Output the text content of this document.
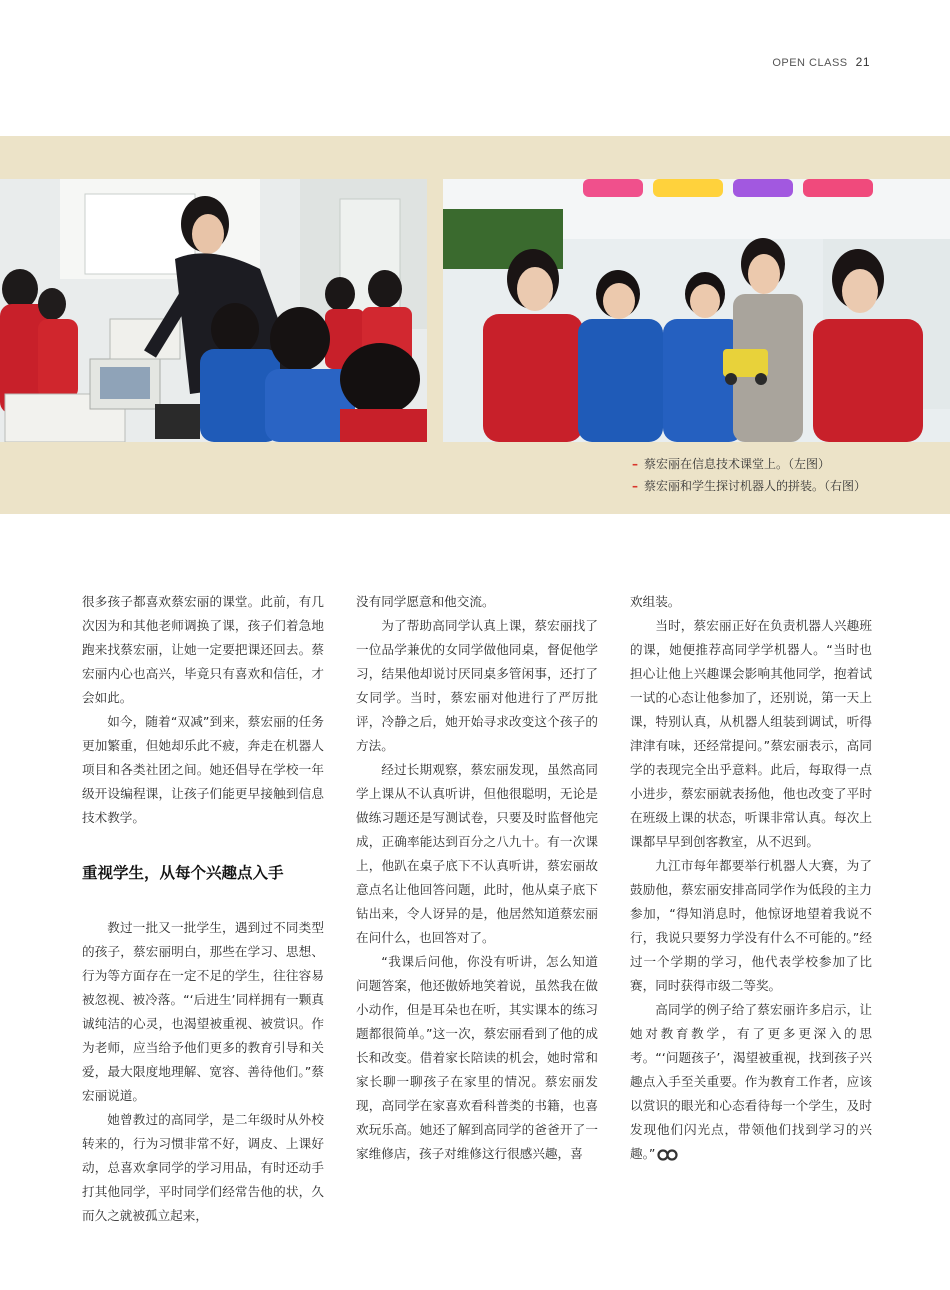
OPEN CLASS 21
– 蔡宏丽在信息技术课堂上。（左图）
– 蔡宏丽和学生探讨机器人的拼装。（右图）

很多孩子都喜欢蔡宏丽的课堂。此前，有几次因为和其他老师调换了课，孩子们着急地跑来找蔡宏丽，让她一定要把课还回去。蔡宏丽内心也高兴，毕竟只有喜欢和信任，才会如此。

如今，随着“双减”到来，蔡宏丽的任务更加繁重，但她却乐此不疲，奔走在机器人项目和各类社团之间。她还倡导在学校一年级开设编程课，让孩子们能更早接触到信息技术教学。

重视学生，从每个兴趣点入手

教过一批又一批学生，遇到过不同类型的孩子，蔡宏丽明白，那些在学习、思想、行为等方面存在一定不足的学生，往往容易被忽视、被冷落。“‘后进生’同样拥有一颗真诚纯洁的心灵，也渴望被重视、被赏识。作为老师，应当给予他们更多的教育引导和关爱，最大限度地理解、宽容、善待他们。”蔡宏丽说道。

她曾教过的高同学，是二年级时从外校转来的，行为习惯非常不好，调皮、上课好动，总喜欢拿同学的学习用品，有时还动手打其他同学，平时同学们经常告他的状，久而久之就被孤立起来，

没有同学愿意和他交流。

为了帮助高同学认真上课，蔡宏丽找了一位品学兼优的女同学做他同桌，督促他学习，结果他却说讨厌同桌多管闲事，还打了女同学。当时，蔡宏丽对他进行了严厉批评，冷静之后，她开始寻求改变这个孩子的方法。

经过长期观察，蔡宏丽发现，虽然高同学上课从不认真听讲，但他很聪明，无论是做练习题还是写测试卷，只要及时监督他完成，正确率能达到百分之八九十。有一次课上，他趴在桌子底下不认真听讲，蔡宏丽故意点名让他回答问题，此时，他从桌子底下钻出来，令人讶异的是，他居然知道蔡宏丽在问什么，也回答对了。

“我课后问他，你没有听讲，怎么知道问题答案，他还傲娇地笑着说，虽然我在做小动作，但是耳朵也在听，其实课本的练习题都很简单。”这一次，蔡宏丽看到了他的成长和改变。借着家长陪读的机会，她时常和家长聊一聊孩子在家里的情况。蔡宏丽发现，高同学在家喜欢看科普类的书籍，也喜欢玩乐高。她还了解到高同学的爸爸开了一家维修店，孩子对维修这行很感兴趣，喜

欢组装。

当时，蔡宏丽正好在负责机器人兴趣班的课，她便推荐高同学学机器人。“当时也担心让他上兴趣课会影响其他同学，抱着试一试的心态让他参加了，还别说，第一天上课，特别认真，从机器人组装到调试，听得津津有味，还经常提问。”蔡宏丽表示，高同学的表现完全出乎意料。此后，每取得一点小进步，蔡宏丽就表扬他，他也改变了平时在班级上课的状态，听课非常认真。每次上课都早早到创客教室，从不迟到。

九江市每年都要举行机器人大赛，为了鼓励他，蔡宏丽安排高同学作为低段的主力参加，“得知消息时，他惊讶地望着我说不行，我说只要努力学没有什么不可能的。”经过一个学期的学习，他代表学校参加了比赛，同时获得市级二等奖。

高同学的例子给了蔡宏丽许多启示，让她对教育教学，有了更多更深入的思考。“‘问题孩子’，渴望被重视，找到孩子兴趣点入手至关重要。作为教育工作者，应该以赏识的眼光和心态看待每一个学生，及时发现他们闪光点，带领他们找到学习的兴趣。”
